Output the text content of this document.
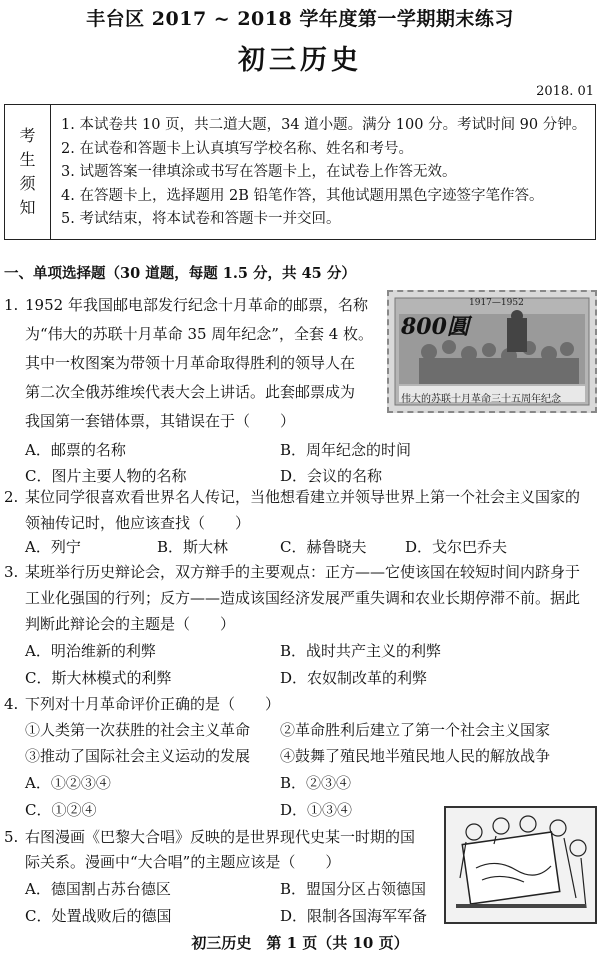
丰台区 2017 ~ 2018 学年度第一学期期末练习
初三历史
2018. 01
考
生
须
知
1. 本试卷共 10 页，共二道大题，34 道小题。满分 100 分。考试时间 90 分钟。
2. 在试卷和答题卡上认真填写学校名称、姓名和考号。
3. 试题答案一律填涂或书写在答题卡上，在试卷上作答无效。
4. 在答题卡上，选择题用 2B 铅笔作答，其他试题用黑色字迹签字笔作答。
5. 考试结束，将本试卷和答题卡一并交回。
一、单项选择题（30 道题，每题 1.5 分，共 45 分）
1. 1952 年我国邮电部发行纪念十月革命的邮票，名称
为“伟大的苏联十月革命 35 周年纪念”，全套 4 枚。
其中一枚图案为带领十月革命取得胜利的领导人在
第二次全俄苏维埃代表大会上讲话。此套邮票成为
我国第一套错体票，其错误在于（　　）
A．邮票的名称	B．周年纪念的时间
C．图片主要人物的名称	D．会议的名称
1917—1952
800圓
伟大的苏联十月革命三十五周年纪念
2. 某位同学很喜欢看世界名人传记，当他想看建立并领导世界上第一个社会主义国家的
领袖传记时，他应该查找（　　）
A．列宁	B．斯大林	C．赫鲁晓夫	D．戈尔巴乔夫
3. 某班举行历史辩论会，双方辩手的主要观点：正方——它使该国在较短时间内跻身于
工业化强国的行列；反方——造成该国经济发展严重失调和农业长期停滞不前。据此
判断此辩论会的主题是（　　）
A．明治维新的利弊	B．战时共产主义的利弊
C．斯大林模式的利弊	D．农奴制改革的利弊
4. 下列对十月革命评价正确的是（　　）
①人类第一次获胜的社会主义革命 ②革命胜利后建立了第一个社会主义国家
③推动了国际社会主义运动的发展 ④鼓舞了殖民地半殖民地人民的解放战争
A．①②③④	B．②③④
C．①②④	D．①③④
5. 右图漫画《巴黎大合唱》反映的是世界现代史某一时期的国
际关系。漫画中“大合唱”的主题应该是（　　）
A．德国割占苏台德区	B．盟国分区占领德国
C．处置战败后的德国	D．限制各国海军军备
初三历史　第 1 页（共 10 页）
